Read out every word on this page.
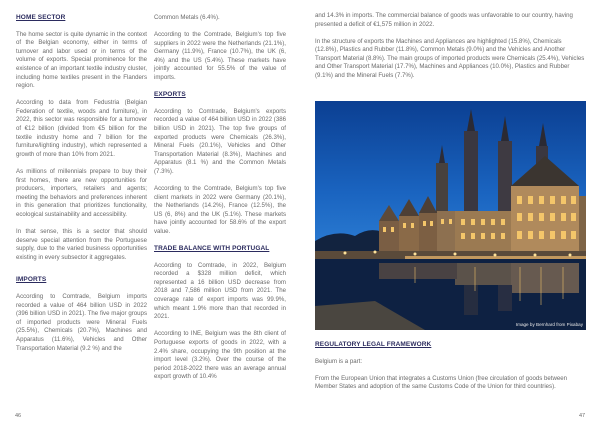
HOME SECTOR

The home sector is quite dynamic in the context of the Belgian economy, either in terms of turnover and labor used or in terms of the volume of exports. Special prominence for the existence of an important textile industry cluster, including home textiles present in the Flanders region.

According to data from Fedustria (Belgian Federation of textile, woods and furniture), in 2022, this sector was responsible for a turnover of €12 billion (divided from €5 billion for the textile industry home and 7 billion for the furniture/lighting industry), which represented a growth of more than 10% from 2021.

As millions of millennials prepare to buy their first homes, there are new opportunities for producers, importers, retailers and agents; meeting the behaviors and preferences inherent in this generation that prioritizes functionality, ecological sustainability and accessibility.

In that sense, this is a sector that should deserve special attention from the Portuguese supply, due to the varied business opportunities existing in every subsector it aggregates.

IMPORTS

According to Comtrade, Belgium imports recorded a value of 464 billion USD in 2022 (396 billion USD in 2021). The five major groups of imported products were Mineral Fuels (25.5%), Chemicals (20.7%), Machines and Apparatus (11.6%), Vehicles and Other Transportation Material (9.2 %) and the

Common Metals (6.4%).

According to the Comtrade, Belgium's top five suppliers in 2022 were the Netherlands (21.1%), Germany (11.9%), France (10.7%), the UK (6, 4%) and the US (5.4%). These markets have jointly accounted for 55.5% of the value of imports.

EXPORTS

According to Comtrade, Belgium's exports recorded a value of 464 billion USD in 2022 (386 billion USD in 2021). The top five groups of exported products were Chemicals (26.3%), Mineral Fuels (20.1%), Vehicles and Other Transportation Material (8.3%), Machines and Apparatus (8.1 %) and the Common Metals (7.3%).

According to the Comtrade, Belgium's top five client markets in 2022 were Germany (20.1%), the Netherlands (14.2%), France (12.5%), the US (6, 8%) and the UK (5.1%). These markets have jointly accounted for 58.6% of the export value.

TRADE BALANCE WITH PORTUGAL

According to Comtrade, in 2022, Belgium recorded a $328 million deficit, which represented a 16 billion USD decrease from 2018 and 7,586 million USD from 2021. The coverage rate of export imports was 99.9%, which meant 1.9% more than that recorded in 2021.

According to INE, Belgium was the 8th client of Portuguese exports of goods in 2022, with a 2.4% share, occupying the 9th position at the import level (3.2%). Over the course of the period 2018-2022 there was an average annual export growth of 10.4%

46

and 14.3% in imports. The commercial balance of goods was unfavorable to our country, having presented a deficit of €1,575 million in 2022.

In the structure of exports the Machines and Appliances are highlighted (15.8%), Chemicals (12.8%), Plastics and Rubber (11.8%), Common Metals (9.0%) and the Vehicles and Another Transport Material (8.8%). The main groups of imported products were Chemicals (25.4%), Vehicles and Other Transport Material (17.7%), Machines and Appliances (10.0%), Plastics and Rubber (9.1%) and the Mineral Fuels (7.7%).

Image by Bernhard from Pixabay
REGULATORY LEGAL FRAMEWORK

Belgium is a part:

From the European Union that integrates a Customs Union (free circulation of goods between Member States and adoption of the same Customs Code of the Union for third countries).

47
